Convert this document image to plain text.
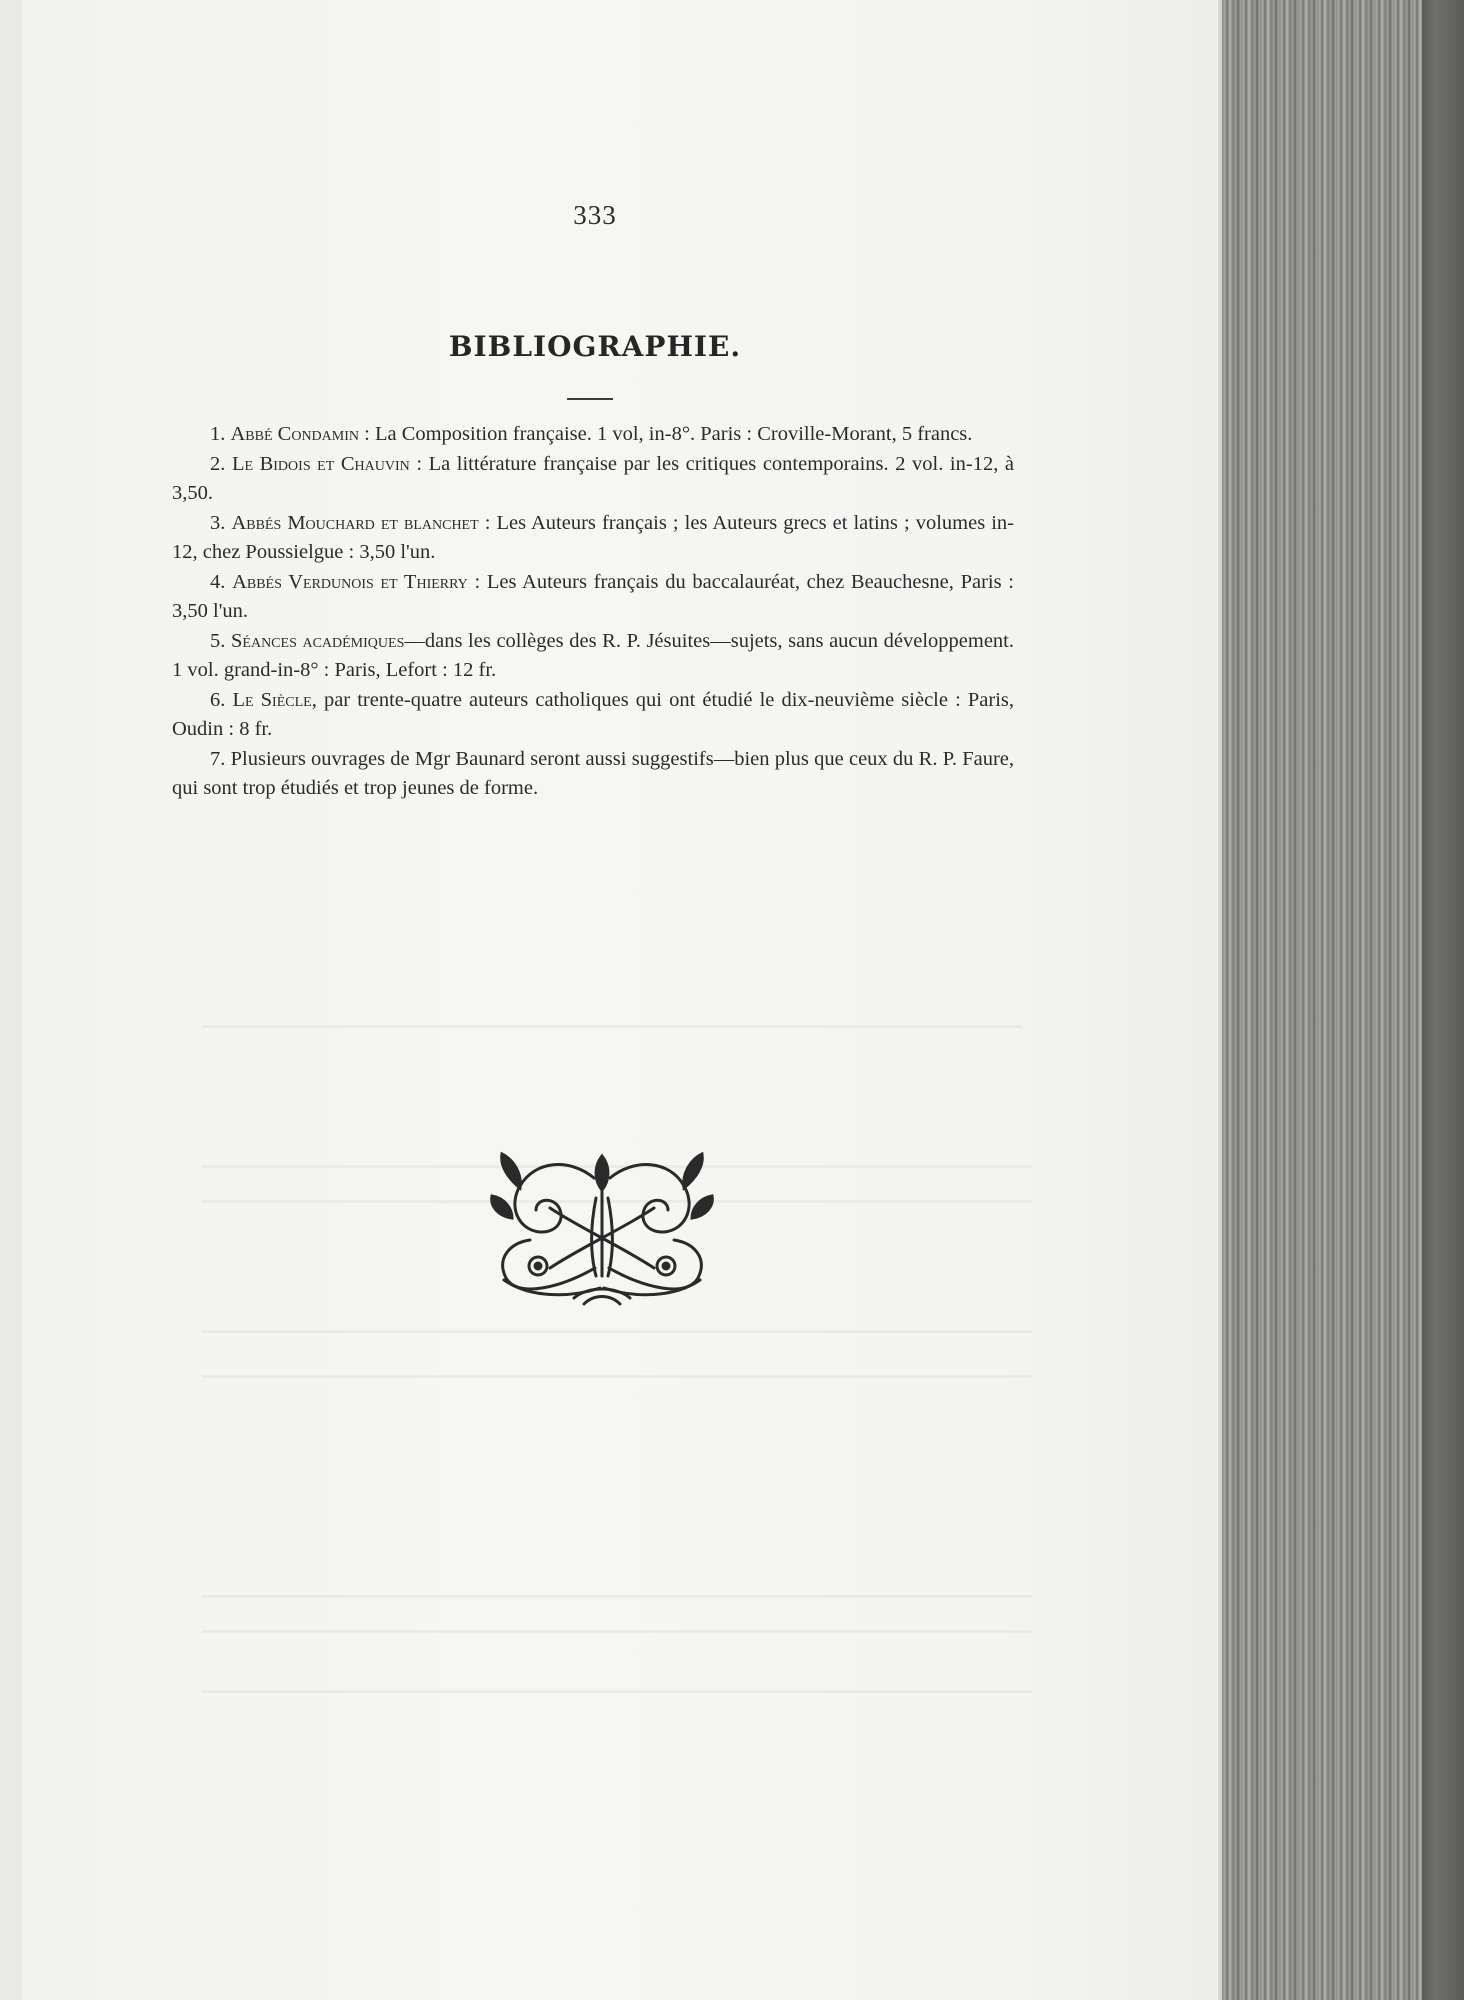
333
BIBLIOGRAPHIE.

1. Abbé Condamin : La Composition française. 1 vol, in-8°. Paris : Croville-Morant, 5 francs.

2. Le Bidois et Chauvin : La littérature française par les critiques contemporains. 2 vol. in-12, à 3,50.

3. Abbés Mouchard et blanchet : Les Auteurs français ; les Auteurs grecs et latins ; volumes in-12, chez Poussielgue : 3,50 l'un.

4. Abbés Verdunois et Thierry : Les Auteurs français du baccalauréat, chez Beauchesne, Paris : 3,50 l'un.

5. Séances académiques—dans les collèges des R. P. Jésuites—sujets, sans aucun développement. 1 vol. grand-in-8° : Paris, Lefort : 12 fr.

6. Le Siècle, par trente-quatre auteurs catholiques qui ont étudié le dix-neuvième siècle : Paris, Oudin : 8 fr.

7. Plusieurs ouvrages de Mgr Baunard seront aussi suggestifs—bien plus que ceux du R. P. Faure, qui sont trop étudiés et trop jeunes de forme.
